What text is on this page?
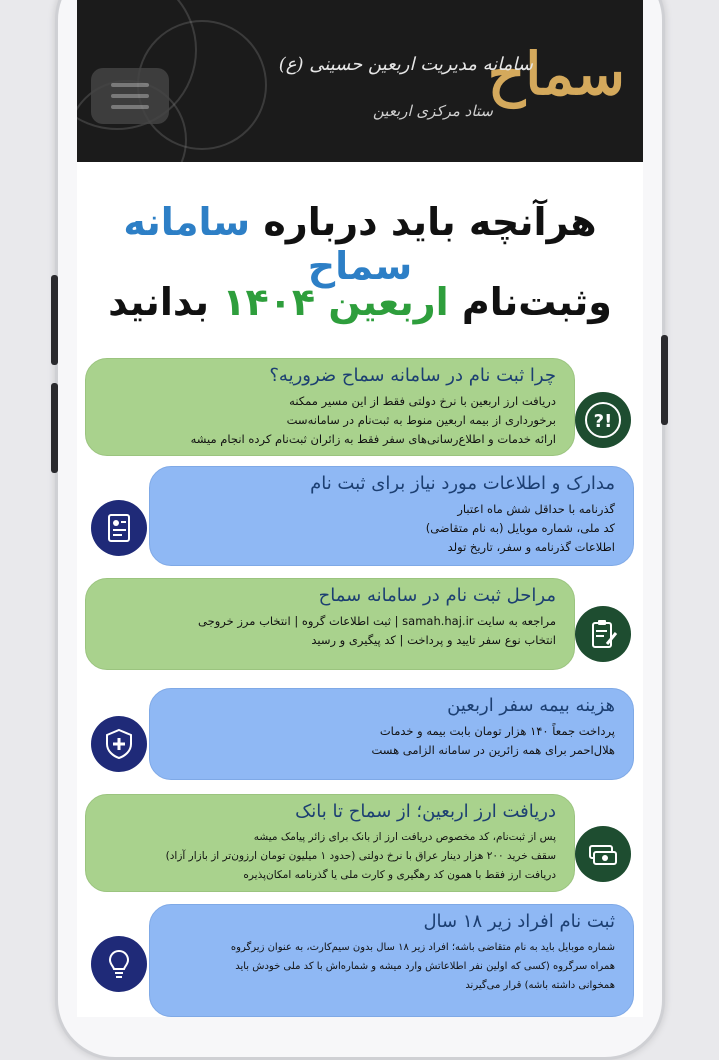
سماح
سامانه مدیریت اربعین حسینی (ع)
ستاد مرکزی اربعین
هرآنچه باید درباره سامانه سماح
وثبت‌نام اربعین ۱۴۰۴ بدانید
چرا ثبت نام در سامانه سماح ضروریه؟

دریافت ارز اربعین با نرخ دولتی فقط از این مسیر ممکنه

برخورداری از بیمه اربعین منوط به ثبت‌نام در سامانه‌ست

ارائه خدمات و اطلاع‌رسانی‌های سفر فقط به زائران ثبت‌نام کرده انجام میشه

?!
مدارک و اطلاعات مورد نیاز برای ثبت نام

گذرنامه با حداقل شش ماه اعتبار

کد ملی، شماره موبایل (به نام متقاضی)

اطلاعات گذرنامه و سفر، تاریخ تولد

مراحل ثبت نام در سامانه سماح

مراجعه به سایت samah.haj.ir | ثبت اطلاعات گروه | انتخاب مرز خروجی

انتخاب نوع سفر تایید و پرداخت | کد پیگیری و رسید

هزینه بیمه سفر اربعین

پرداخت جمعاً ۱۴۰ هزار تومان بابت بیمه و خدمات

هلال‌احمر برای همه زائرین در سامانه الزامی هست

دریافت ارز اربعین؛ از سماح تا بانک

پس از ثبت‌نام، کد مخصوص دریافت ارز از بانک برای زائر پیامک میشه

سقف خرید ۲۰۰ هزار دینار عراق با نرخ دولتی (حدود ۱ میلیون تومان ارزون‌تر از بازار آزاد)

دریافت ارز فقط با همون کد رهگیری و کارت ملی یا گذرنامه امکان‌پذیره

ثبت نام افراد زیر ۱۸ سال

شماره موبایل باید به نام متقاضی باشه؛ افراد زیر ۱۸ سال بدون سیم‌کارت، به عنوان زیرگروه

همراه سرگروه (کسی که اولین نفر اطلاعاتش وارد میشه و شماره‌اش با کد ملی خودش باید

همخوانی داشته باشه) قرار می‌گیرند
